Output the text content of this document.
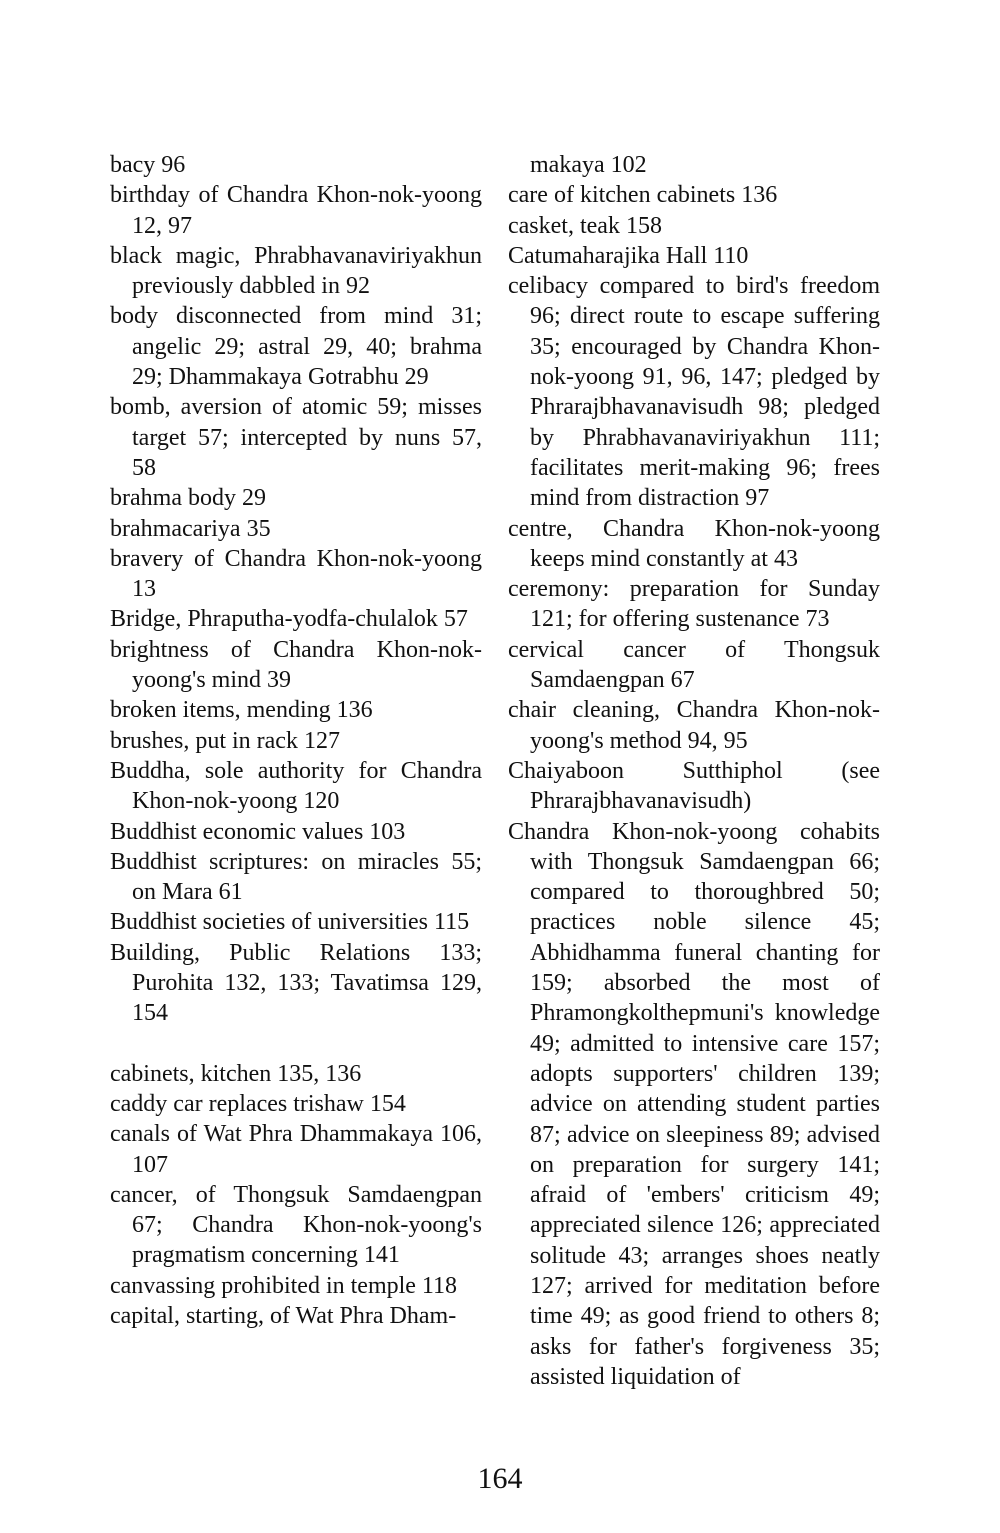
bacy 96
birthday of Chandra Khon-nok-yoong 12, 97
black magic, Phrabhavanaviriyakhun previously dabbled in 92
body disconnected from mind 31; angelic 29; astral 29, 40; brahma 29; Dhammakaya Gotrabhu 29
bomb, aversion of atomic 59; misses target 57; intercepted by nuns 57, 58
brahma body 29
brahmacariya 35
bravery of Chandra Khon-nok-yoong 13
Bridge, Phraputha-yodfa-chulalok 57
brightness of Chandra Khon-nok-yoong's mind 39
broken items, mending 136
brushes, put in rack 127
Buddha, sole authority for Chandra Khon-nok-yoong 120
Buddhist economic values 103
Buddhist scriptures: on miracles 55; on Mara 61
Buddhist societies of universities 115
Building, Public Relations 133; Purohita 132, 133; Tavatimsa 129, 154
cabinets, kitchen 135, 136
caddy car replaces trishaw 154
canals of Wat Phra Dhammakaya 106, 107
cancer, of Thongsuk Samdaengpan 67; Chandra Khon-nok-yoong's pragmatism concerning 141
canvassing prohibited in temple 118
capital, starting, of Wat Phra Dham-
makaya 102
care of kitchen cabinets 136
casket, teak 158
Catumaharajika Hall 110
celibacy compared to bird's freedom 96; direct route to escape suffering 35; encouraged by Chandra Khon-nok-yoong 91, 96, 147; pledged by Phrarajbhavanavisudh 98; pledged by Phrabhavanaviriyakhun 111; facilitates merit-making 96; frees mind from distraction 97
centre, Chandra Khon-nok-yoong keeps mind constantly at 43
ceremony: preparation for Sunday 121; for offering sustenance 73
cervical cancer of Thongsuk Samdaengpan 67
chair cleaning, Chandra Khon-nok-yoong's method 94, 95
Chaiyaboon Sutthiphol (see Phrarajbhavanavisudh)
Chandra Khon-nok-yoong cohabits with Thongsuk Samdaengpan 66; compared to thoroughbred 50; practices noble silence 45; Abhidhamma funeral chanting for 159; absorbed the most of Phramongkolthepmuni's knowledge 49; admitted to intensive care 157; adopts supporters' children 139; advice on attending student parties 87; advice on sleepiness 89; advised on preparation for surgery 141; afraid of 'embers' criticism 49; appreciated silence 126; appreciated solitude 43; arranges shoes neatly 127; arrived for meditation before time 49; as good friend to others 8; asks for father's forgiveness 35; assisted liquidation of
164
